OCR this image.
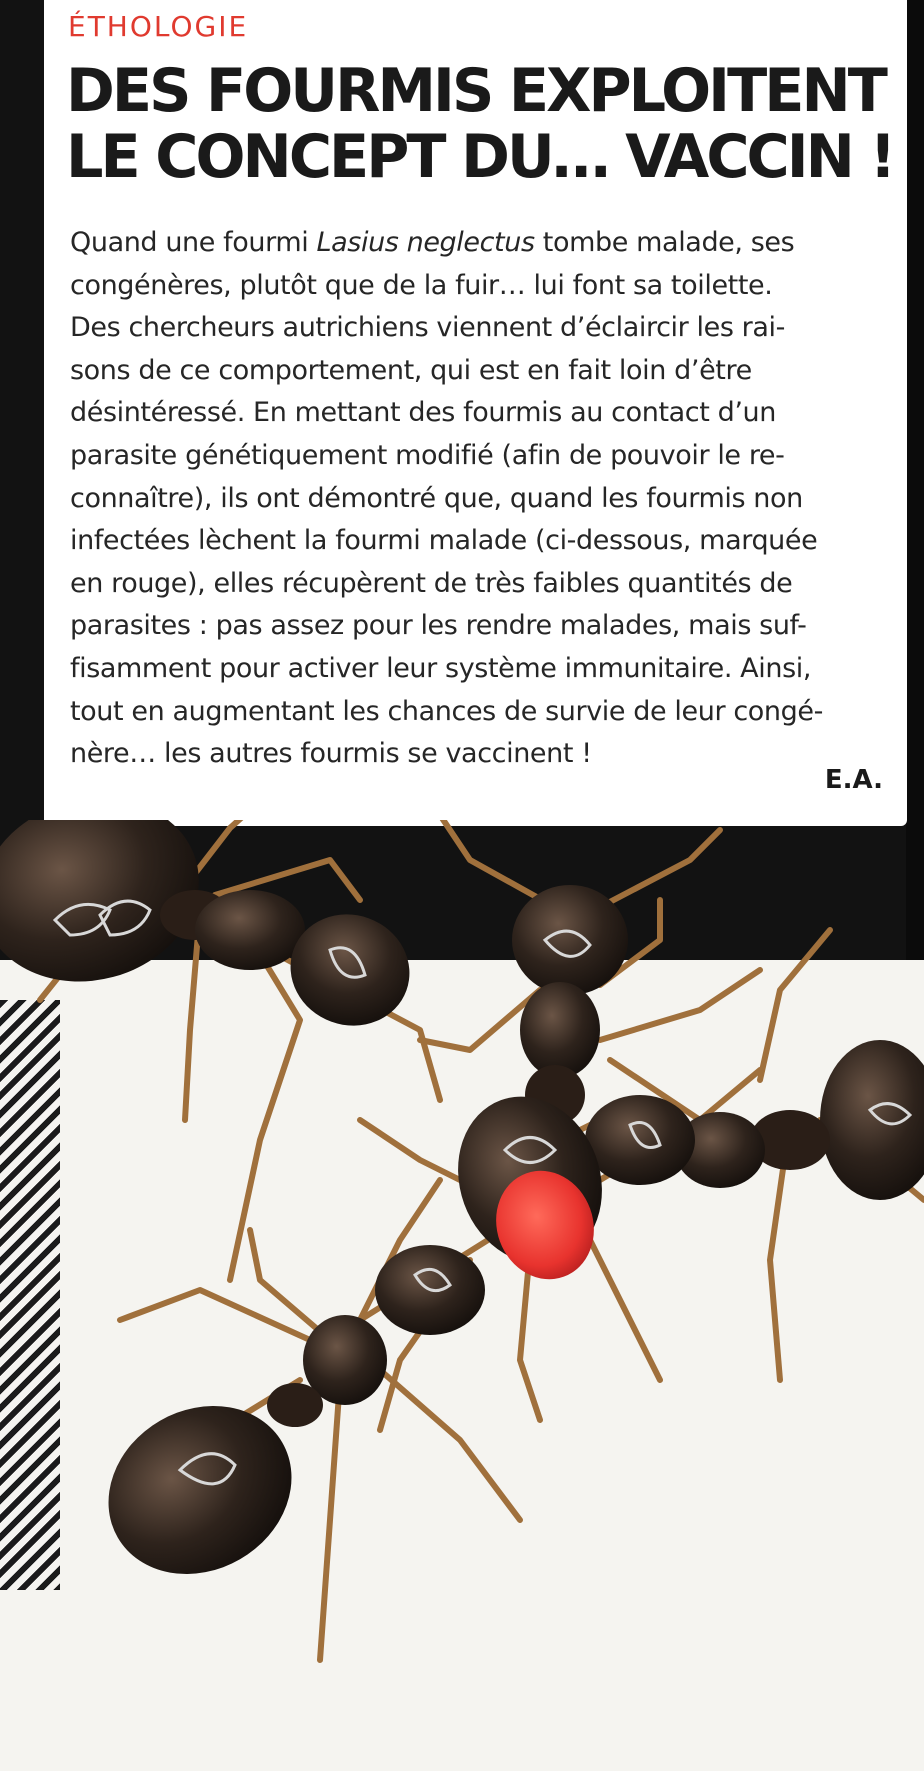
ÉTHOLOGIE
DES FOURMIS EXPLOITENT
LE CONCEPT DU… VACCIN !
Quand une fourmi Lasius neglectus tombe malade, ses
congénères, plutôt que de la fuir… lui font sa toilette.
Des chercheurs autrichiens viennent d’éclaircir les rai-
sons de ce comportement, qui est en fait loin d’être
désintéressé. En mettant des fourmis au contact d’un
parasite génétiquement modifié (afin de pouvoir le re-
connaître), ils ont démontré que, quand les fourmis non
infectées lèchent la fourmi malade (ci-dessous, marquée
en rouge), elles récupèrent de très faibles quantités de
parasites : pas assez pour les rendre malades, mais suf-
fisamment pour activer leur système immunitaire. Ainsi,
tout en augmentant les chances de survie de leur congé-
nère… les autres fourmis se vaccinent !
E.A.
